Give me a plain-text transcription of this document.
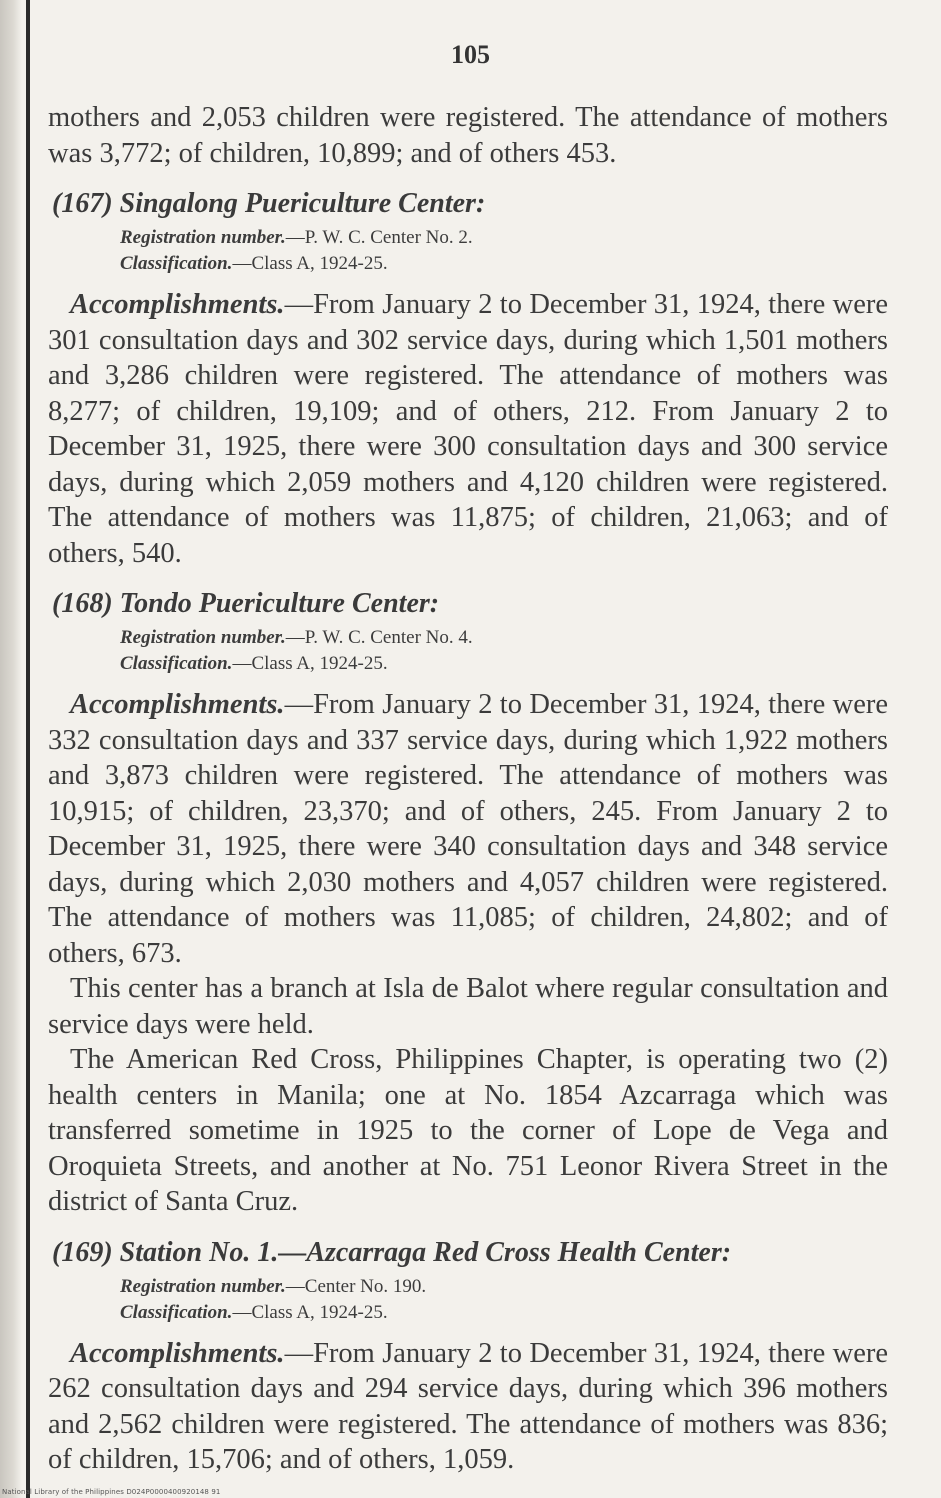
105

mothers and 2,053 children were registered. The attendance of mothers was 3,772; of children, 10,899; and of others 453.

(167) Singalong Puericulture Center:
Registration number.—P. W. C. Center No. 2.
Classification.—Class A, 1924-25.

Accomplishments.—From January 2 to December 31, 1924, there were 301 consultation days and 302 service days, during which 1,501 mothers and 3,286 children were registered. The attendance of mothers was 8,277; of children, 19,109; and of others, 212. From January 2 to December 31, 1925, there were 300 consultation days and 300 service days, during which 2,059 mothers and 4,120 children were registered. The attendance of mothers was 11,875; of children, 21,063; and of others, 540.

(168) Tondo Puericulture Center:
Registration number.—P. W. C. Center No. 4.
Classification.—Class A, 1924-25.

Accomplishments.—From January 2 to December 31, 1924, there were 332 consultation days and 337 service days, during which 1,922 mothers and 3,873 children were registered. The attendance of mothers was 10,915; of children, 23,370; and of others, 245. From January 2 to December 31, 1925, there were 340 consultation days and 348 service days, during which 2,030 mothers and 4,057 children were registered. The attendance of mothers was 11,085; of children, 24,802; and of others, 673.

This center has a branch at Isla de Balot where regular consultation and service days were held.

The American Red Cross, Philippines Chapter, is operating two (2) health centers in Manila; one at No. 1854 Azcarraga which was transferred sometime in 1925 to the corner of Lope de Vega and Oroquieta Streets, and another at No. 751 Leonor Rivera Street in the district of Santa Cruz.

(169) Station No. 1.—Azcarraga Red Cross Health Center:
Registration number.—Center No. 190.
Classification.—Class A, 1924-25.

Accomplishments.—From January 2 to December 31, 1924, there were 262 consultation days and 294 service days, during which 396 mothers and 2,562 children were registered. The attendance of mothers was 836; of children, 15,706; and of others, 1,059.

National Library of the Philippines D024P0000400920148 91
